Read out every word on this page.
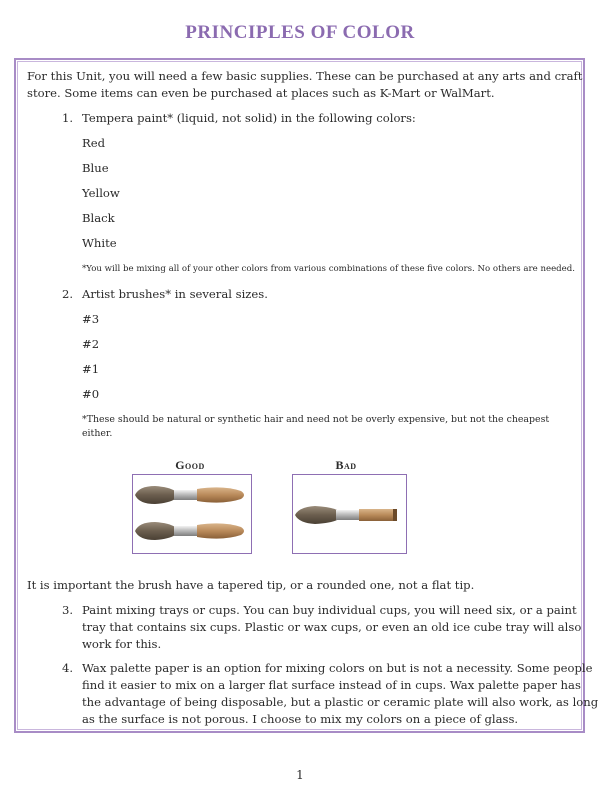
PRINCIPLES OF COLOR
For this Unit, you will need a few basic supplies. These can be purchased at any arts and craft
store. Some items can even be purchased at places such as K-Mart or WalMart.
1. Tempera paint* (liquid, not solid) in the following colors:
Red
Blue
Yellow
Black
White
*You will be mixing all of your other colors from various combinations of these five colors. No others are needed.
2. Artist brushes* in several sizes.
#3
#2
#1
#0
*These should be natural or synthetic hair and need not be overly expensive, but not the cheapest
either.
Good	Bad
It is important the brush have a tapered tip, or a rounded one, not a flat tip.
3. Paint mixing trays or cups. You can buy individual cups, you will need six, or a paint
tray that contains six cups. Plastic or wax cups, or even an old ice cube tray will also
work for this.
4. Wax palette paper is an option for mixing colors on but is not a necessity. Some people
find it easier to mix on a larger flat surface instead of in cups. Wax palette paper has
the advantage of being disposable, but a plastic or ceramic plate will also work, as long
as the surface is not porous. I choose to mix my colors on a piece of glass.
1
